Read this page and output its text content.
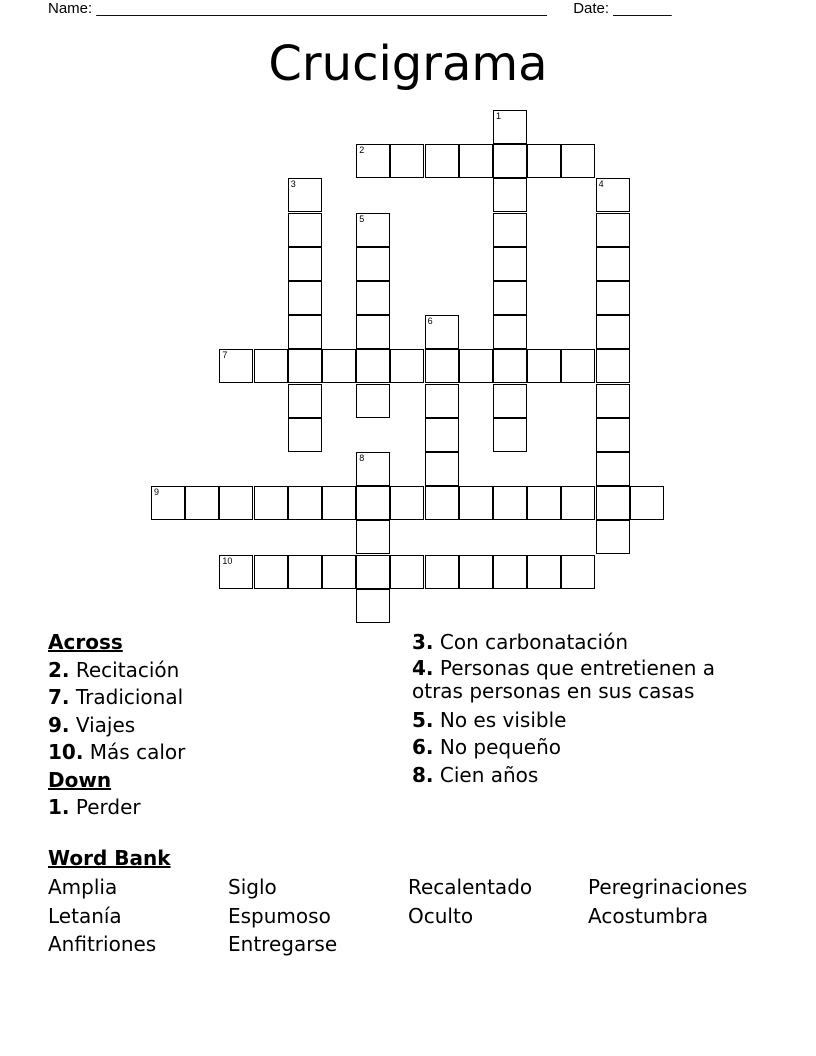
Name: ______________________________________________________ Date: _______
Crucigrama
1
2
3	4
5
6
7
8
9
10
Across
2. Recitación
7. Tradicional
9. Viajes
10. Más calor
Down
1. Perder
3. Con carbonatación
4. Personas que entretienen a otras personas en sus casas
5. No es visible
6. No pequeño
8. Cien años
Word Bank
Amplia	Siglo	Recalentado	Peregrinaciones
Letanía	Espumoso	Oculto	Acostumbra
Anfitriones	Entregarse
